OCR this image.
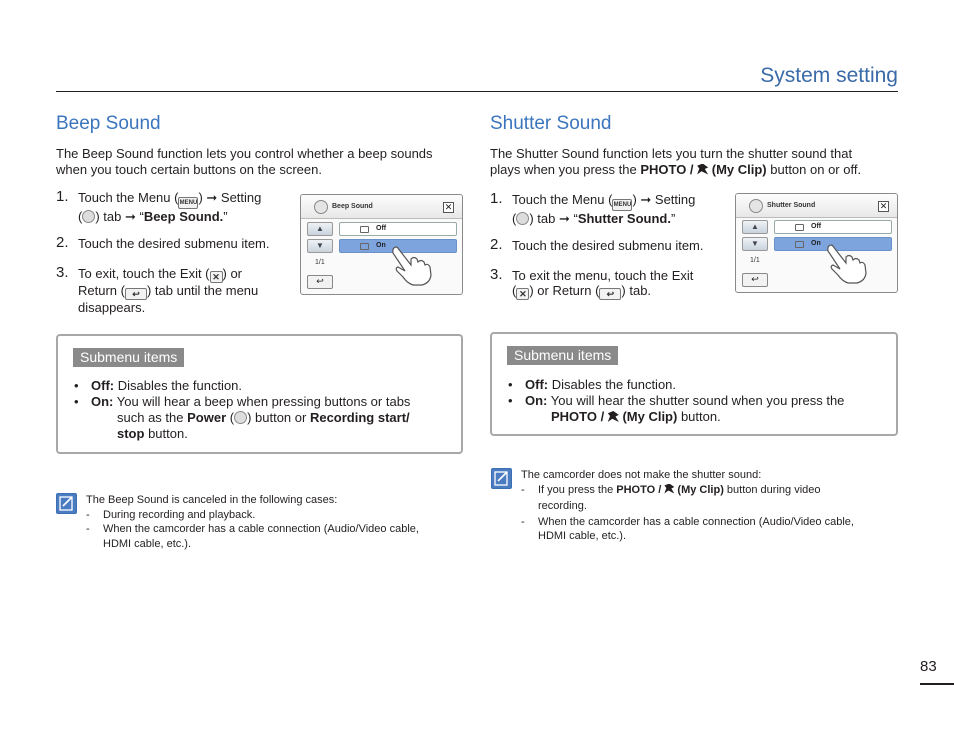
System setting
Beep Sound
The Beep Sound function lets you control whether a beep sounds when you touch certain buttons on the screen.
1. Touch the Menu (MENU) ➞ Setting
( ) tab ➞ “Beep Sound.”
2. Touch the desired submenu item.
3. To exit, touch the Exit ( ✕ ) or
Return ( ↩ ) tab until the menu
disappears.
Beep Sound	✕
▲
▼
Off
On
1/1
↩
Submenu items
• Off: Disables the function.
• On: You will hear a beep when pressing buttons or tabs
such as the Power ( ) button or Recording start/
stop button.
The Beep Sound is canceled in the following cases:
- During recording and playback.
- When the camcorder has a cable connection (Audio/Video cable,
HDMI cable, etc.).
Shutter Sound
The Shutter Sound function lets you turn the shutter sound that
plays when you press the PHOTO /  (My Clip) button on or off.
1. Touch the Menu (MENU) ➞ Setting
( ) tab ➞ “Shutter Sound.”
2. Touch the desired submenu item.
3. To exit the menu, touch the Exit
( ✕ ) or Return ( ↩ ) tab.
Shutter Sound	✕
▲
▼
Off
On
1/1
↩
Submenu items
• Off: Disables the function.
• On: You will hear the shutter sound when you press the
PHOTO /  (My Clip) button.
The camcorder does not make the shutter sound:
- If you press the PHOTO /  (My Clip) button during video
recording.
- When the camcorder has a cable connection (Audio/Video cable,
HDMI cable, etc.).
83
